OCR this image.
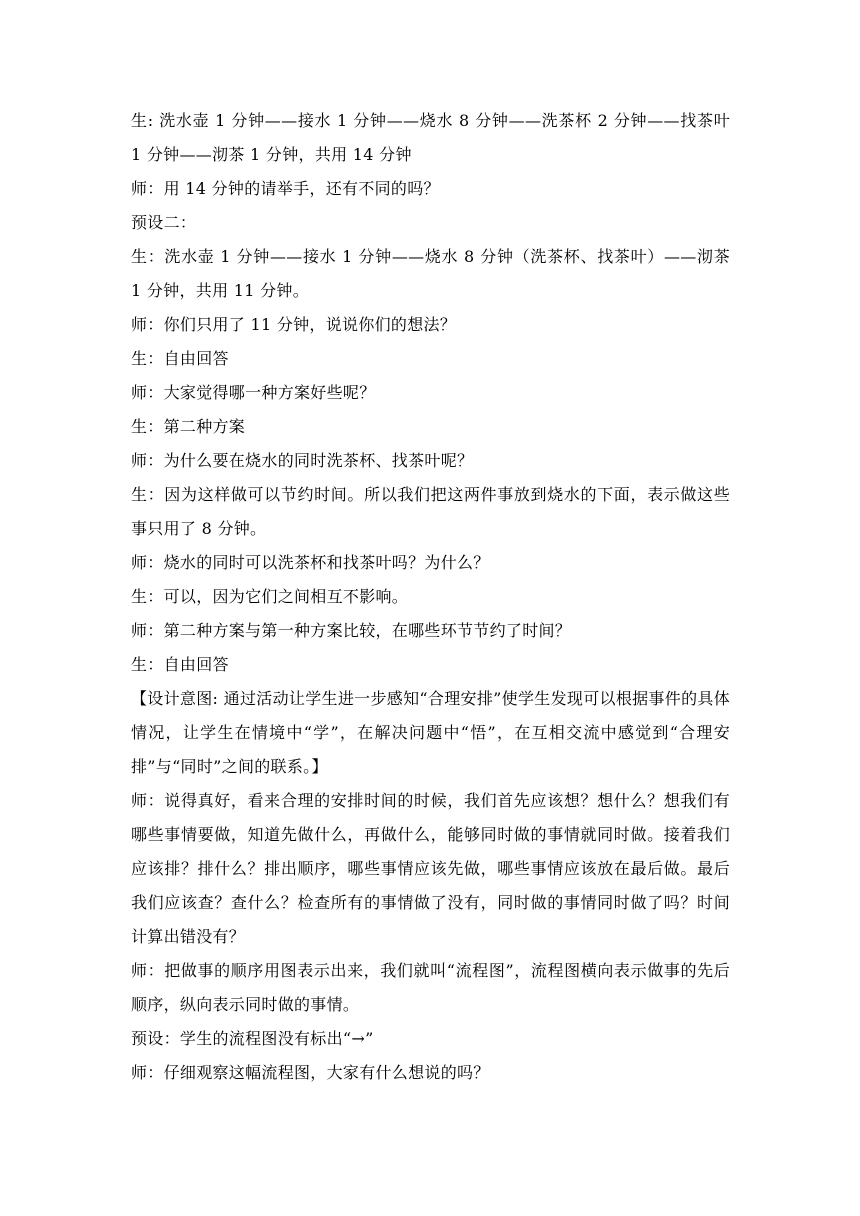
生: 洗水壶 1 分钟——接水 1 分钟——烧水 8 分钟——洗茶杯 2 分钟——找茶叶 1 分钟——沏茶 1 分钟，共用 14 分钟

师：用 14 分钟的请举手，还有不同的吗？

预设二：

生：洗水壶 1 分钟——接水 1 分钟——烧水 8 分钟（洗茶杯、找茶叶）——沏茶 1 分钟，共用 11 分钟。

师：你们只用了 11 分钟，说说你们的想法？

生：自由回答

师：大家觉得哪一种方案好些呢？

生：第二种方案

师：为什么要在烧水的同时洗茶杯、找茶叶呢？

生：因为这样做可以节约时间。所以我们把这两件事放到烧水的下面，表示做这些事只用了 8 分钟。

师：烧水的同时可以洗茶杯和找茶叶吗？为什么？

生：可以，因为它们之间相互不影响。

师：第二种方案与第一种方案比较，在哪些环节节约了时间？

生：自由回答

【设计意图: 通过活动让学生进一步感知“合理安排”使学生发现可以根据事件的具体情况，让学生在情境中“学”，在解决问题中“悟”，在互相交流中感觉到“合理安排”与“同时”之间的联系。】

师：说得真好，看来合理的安排时间的时候，我们首先应该想？想什么？想我们有哪些事情要做，知道先做什么，再做什么，能够同时做的事情就同时做。接着我们应该排？排什么？排出顺序，哪些事情应该先做，哪些事情应该放在最后做。最后我们应该查？查什么？检查所有的事情做了没有，同时做的事情同时做了吗？时间计算出错没有？

师：把做事的顺序用图表示出来，我们就叫“流程图”，流程图横向表示做事的先后顺序，纵向表示同时做的事情。

预设：学生的流程图没有标出“→”

师：仔细观察这幅流程图，大家有什么想说的吗？
